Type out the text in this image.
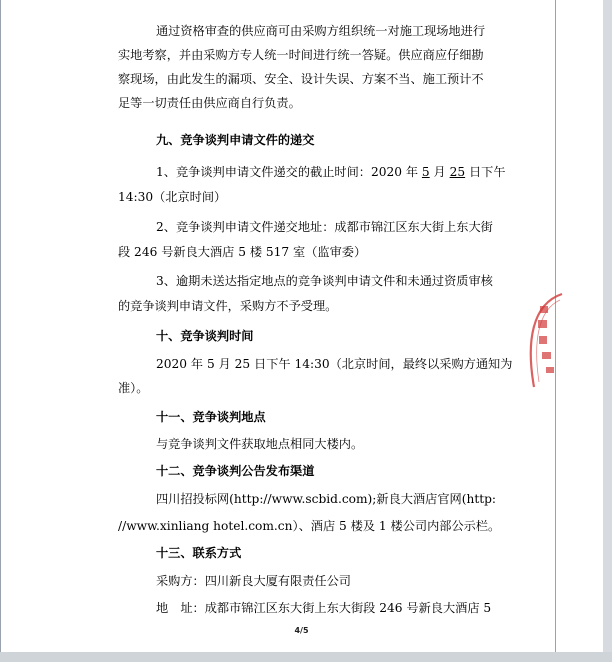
通过资格审查的供应商可由采购方组织统一对施工现场地进行
实地考察，并由采购方专人统一时间进行统一答疑。供应商应仔细勘
察现场，由此发生的漏项、安全、设计失误、方案不当、施工预计不
足等一切责任由供应商自行负责。
九、竞争谈判申请文件的递交
1、竞争谈判申请文件递交的截止时间：2020 年 5 月 25 日下午
14:30（北京时间）
2、竞争谈判申请文件递交地址：成都市锦江区东大街上东大街
段 246 号新良大酒店 5 楼 517 室（监审委）
3、逾期未送达指定地点的竞争谈判申请文件和未通过资质审核
的竞争谈判申请文件，采购方不予受理。
十、竞争谈判时间
2020 年 5 月 25 日下午 14:30（北京时间，最终以采购方通知为
准）。
十一、竞争谈判地点
与竞争谈判文件获取地点相同大楼内。
十二、竞争谈判公告发布渠道
四川招投标网(http://www.scbid.com);新良大酒店官网(http:
//www.xinliang hotel.com.cn）、酒店 5 楼及 1 楼公司内部公示栏。
十三、联系方式
采购方：四川新良大厦有限责任公司
地　址：成都市锦江区东大街上东大街段 246 号新良大酒店 5
4/5
